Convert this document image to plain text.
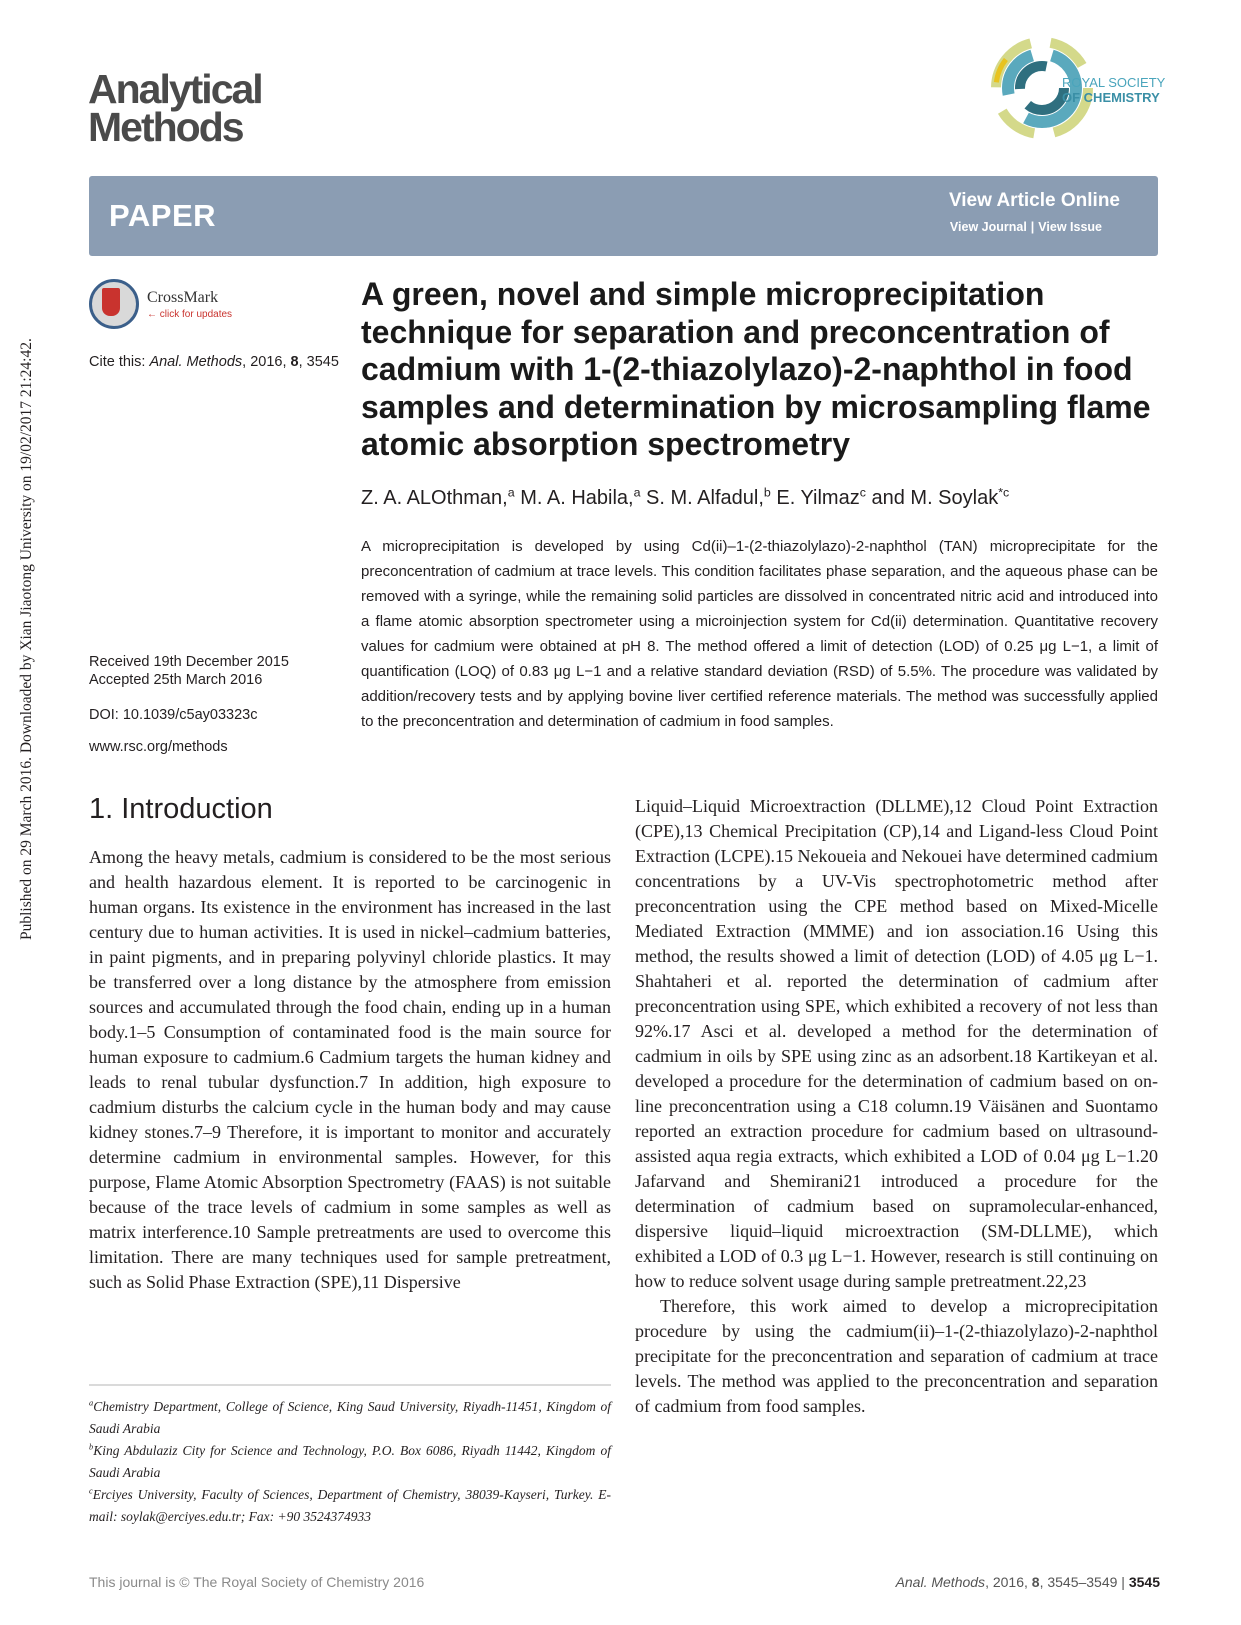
Published on 29 March 2016. Downloaded by Xian Jiaotong University on 19/02/2017 21:24:42.
Analytical
Methods
ROYAL SOCIETY
OF CHEMISTRY
PAPER	View Article Online
View Journal | View Issue
CrossMark
← click for updates
Cite this: Anal. Methods, 2016, 8, 3545
A green, novel and simple microprecipitation technique for separation and preconcentration of cadmium with 1-(2-thiazolylazo)-2-naphthol in food samples and determination by microsampling flame atomic absorption spectrometry
Z. A. ALOthman,$^a$ M. A. Habila,$^a$ S. M. Alfadul,$^b$ E. Yilmaz$^c$ and M. Soylak$^{*c}$
A microprecipitation is developed by using Cd(ii)–1-(2-thiazolylazo)-2-naphthol (TAN) microprecipitate for the preconcentration of cadmium at trace levels. This condition facilitates phase separation, and the aqueous phase can be removed with a syringe, while the remaining solid particles are dissolved in concentrated nitric acid and introduced into a flame atomic absorption spectrometer using a microinjection system for Cd(ii) determination. Quantitative recovery values for cadmium were obtained at pH 8. The method offered a limit of detection (LOD) of 0.25 μg L−1, a limit of quantification (LOQ) of 0.83 μg L−1 and a relative standard deviation (RSD) of 5.5%. The procedure was validated by addition/recovery tests and by applying bovine liver certified reference materials. The method was successfully applied to the preconcentration and determination of cadmium in food samples.
Received 19th December 2015
Accepted 25th March 2016
DOI: 10.1039/c5ay03323c
www.rsc.org/methods
1. Introduction
Among the heavy metals, cadmium is considered to be the most serious and health hazardous element. It is reported to be carcinogenic in human organs. Its existence in the environment has increased in the last century due to human activities. It is used in nickel–cadmium batteries, in paint pigments, and in preparing polyvinyl chloride plastics. It may be transferred over a long distance by the atmosphere from emission sources and accumulated through the food chain, ending up in a human body.1–5 Consumption of contaminated food is the main source for human exposure to cadmium.6 Cadmium targets the human kidney and leads to renal tubular dysfunction.7 In addition, high exposure to cadmium disturbs the calcium cycle in the human body and may cause kidney stones.7–9 Therefore, it is important to monitor and accurately determine cadmium in environmental samples. However, for this purpose, Flame Atomic Absorption Spectrometry (FAAS) is not suitable because of the trace levels of cadmium in some samples as well as matrix interference.10 Sample pretreatments are used to overcome this limitation. There are many techniques used for sample pretreatment, such as Solid Phase Extraction (SPE),11 Dispersive

Liquid–Liquid Microextraction (DLLME),12 Cloud Point Extraction (CPE),13 Chemical Precipitation (CP),14 and Ligand-less Cloud Point Extraction (LCPE).15 Nekoueia and Nekouei have determined cadmium concentrations by a UV-Vis spectrophotometric method after preconcentration using the CPE method based on Mixed-Micelle Mediated Extraction (MMME) and ion association.16 Using this method, the results showed a limit of detection (LOD) of 4.05 μg L−1. Shahtaheri et al. reported the determination of cadmium after preconcentration using SPE, which exhibited a recovery of not less than 92%.17 Asci et al. developed a method for the determination of cadmium in oils by SPE using zinc as an adsorbent.18 Kartikeyan et al. developed a procedure for the determination of cadmium based on on-line preconcentration using a C18 column.19 Väisänen and Suontamo reported an extraction procedure for cadmium based on ultrasound-assisted aqua regia extracts, which exhibited a LOD of 0.04 μg L−1.20 Jafarvand and Shemirani21 introduced a procedure for the determination of cadmium based on supramolecular-enhanced, dispersive liquid–liquid microextraction (SM-DLLME), which exhibited a LOD of 0.3 μg L−1. However, research is still continuing on how to reduce solvent usage during sample pretreatment.22,23

Therefore, this work aimed to develop a microprecipitation procedure by using the cadmium(ii)–1-(2-thiazolylazo)-2-naphthol precipitate for the preconcentration and separation of cadmium at trace levels. The method was applied to the preconcentration and separation of cadmium from food samples.

$^a$Chemistry Department, College of Science, King Saud University, Riyadh-11451, Kingdom of Saudi Arabia

$^b$King Abdulaziz City for Science and Technology, P.O. Box 6086, Riyadh 11442, Kingdom of Saudi Arabia

$^c$Erciyes University, Faculty of Sciences, Department of Chemistry, 38039-Kayseri, Turkey. E-mail: soylak@erciyes.edu.tr; Fax: +90 3524374933

This journal is © The Royal Society of Chemistry 2016	Anal. Methods, 2016, 8, 3545–3549 | 3545
